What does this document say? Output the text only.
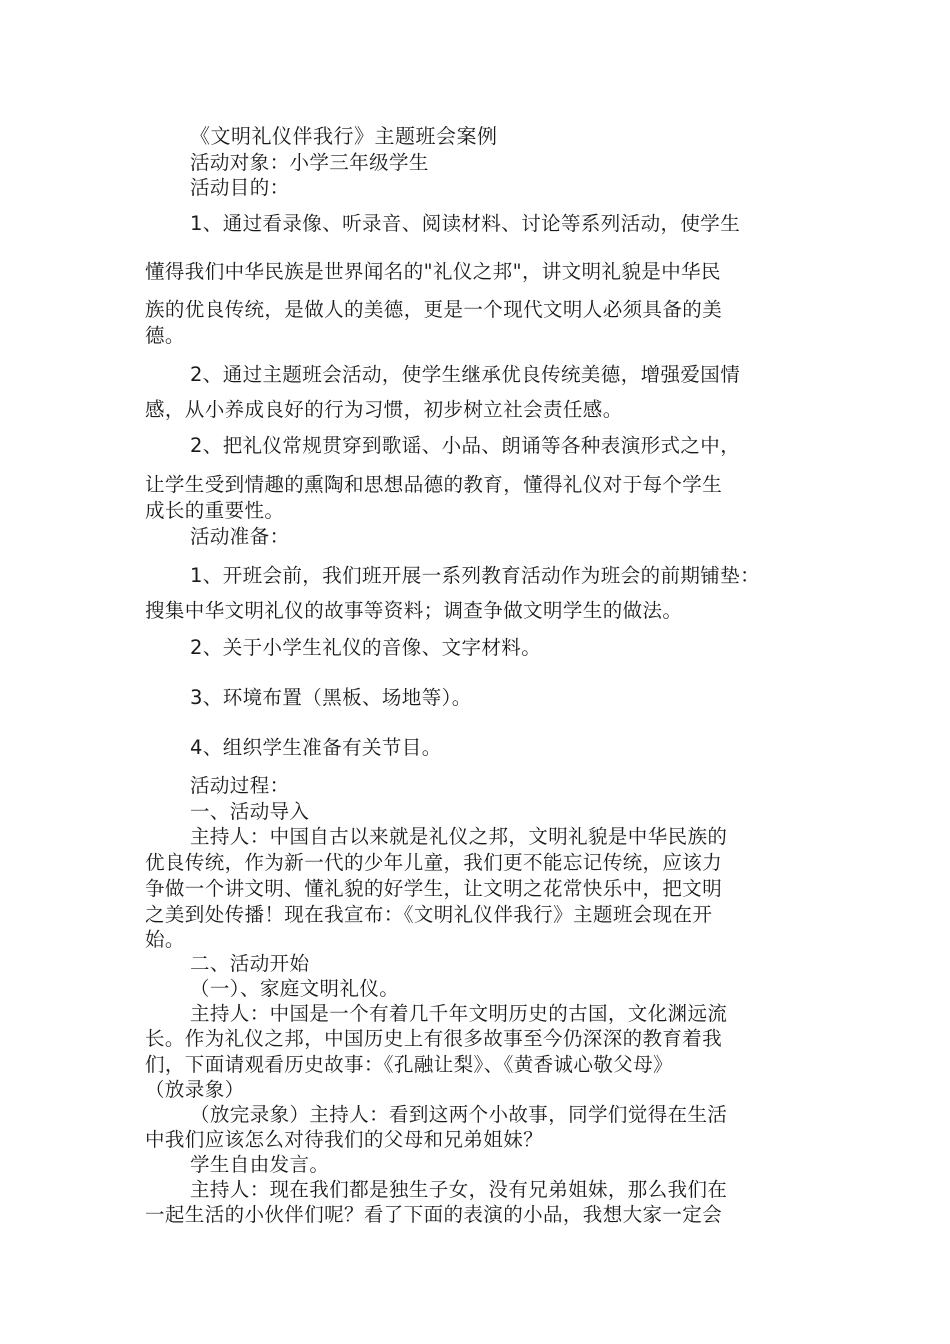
《文明礼仪伴我行》主题班会案例
活动对象：小学三年级学生
活动目的：
1、通过看录像、听录音、阅读材料、讨论等系列活动，使学生
懂得我们中华民族是世界闻名的"礼仪之邦"，讲文明礼貌是中华民
族的优良传统，是做人的美德，更是一个现代文明人必须具备的美
德。
2、通过主题班会活动，使学生继承优良传统美德，增强爱国情
感，从小养成良好的行为习惯，初步树立社会责任感。
2、把礼仪常规贯穿到歌谣、小品、朗诵等各种表演形式之中，
让学生受到情趣的熏陶和思想品德的教育，懂得礼仪对于每个学生
成长的重要性。
活动准备：
1、开班会前，我们班开展一系列教育活动作为班会的前期铺垫：
搜集中华文明礼仪的故事等资料；调查争做文明学生的做法。
2、关于小学生礼仪的音像、文字材料。
3、环境布置（黑板、场地等）。
4、组织学生准备有关节目。
活动过程：
一、活动导入
主持人：中国自古以来就是礼仪之邦，文明礼貌是中华民族的
优良传统，作为新一代的少年儿童，我们更不能忘记传统，应该力
争做一个讲文明、懂礼貌的好学生，让文明之花常快乐中，把文明
之美到处传播！现在我宣布：《文明礼仪伴我行》主题班会现在开
始。
二、活动开始
（一）、家庭文明礼仪。
主持人：中国是一个有着几千年文明历史的古国，文化渊远流
长。作为礼仪之邦，中国历史上有很多故事至今仍深深的教育着我
们，下面请观看历史故事：《孔融让梨》、《黄香诚心敬父母》
（放录象）
（放完录象）主持人：看到这两个小故事，同学们觉得在生活
中我们应该怎么对待我们的父母和兄弟姐妹？
学生自由发言。
主持人：现在我们都是独生子女，没有兄弟姐妹，那么我们在
一起生活的小伙伴们呢？看了下面的表演的小品，我想大家一定会
